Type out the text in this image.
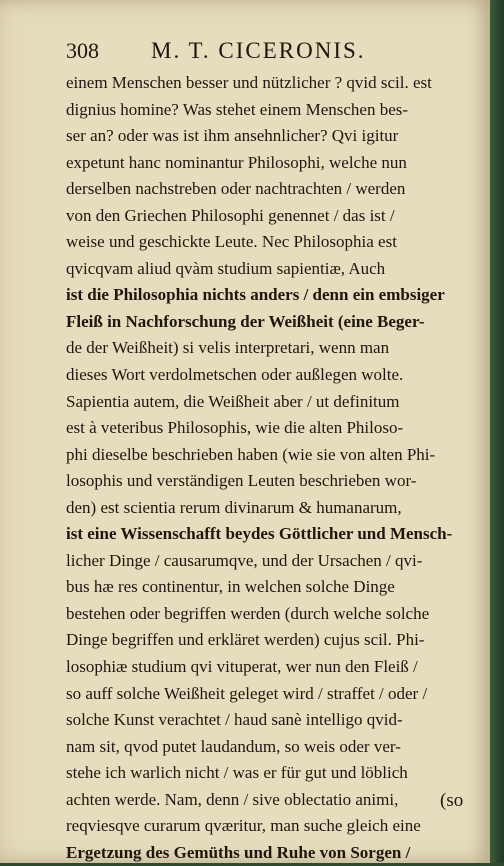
308 M. T. CICERONIS.
einem Menschen besser und nützlicher ? qvid scil. est
dignius homine? Was stehet einem Menschen bes-
ser an? oder was ist ihm ansehnlicher? Qvi igitur
expetunt hanc nominantur Philosophi, welche nun
derselben nachstreben oder nachtrachten / werden
von den Griechen Philosophi genennet / das ist /
weise und geschickte Leute. Nec Philosophia est
qvicqvam aliud qvàm studium sapientiæ, Auch
ist die Philosophia nichts anders / denn ein embsiger
Fleiß in Nachforschung der Weißheit (eine Beger-
de der Weißheit) si velis interpretari, wenn man
dieses Wort verdolmetschen oder außlegen wolte.
Sapientia autem, die Weißheit aber / ut definitum
est à veteribus Philosophis, wie die alten Philoso-
phi dieselbe beschrieben haben (wie sie von alten Phi-
losophis und verständigen Leuten beschrieben wor-
den) est scientia rerum divinarum & humanarum,
ist eine Wissenschafft beydes Göttlicher und Mensch-
licher Dinge / causarumqve, und der Ursachen / qvi-
bus hæ res continentur, in welchen solche Dinge
bestehen oder begriffen werden (durch welche solche
Dinge begriffen und erkläret werden) cujus scil. Phi-
losophiæ studium qvi vituperat, wer nun den Fleiß /
so auff solche Weißheit geleget wird / straffet / oder /
solche Kunst verachtet / haud sanè intelligo qvid-
nam sit, qvod putet laudandum, so weis oder ver-
stehe ich warlich nicht / was er für gut und löblich
achten werde. Nam, denn / sive oblectatio animi,
reqviesqve curarum qværitur, man suche gleich eine
Ergetzung des Gemüths und Ruhe von Sorgen /
(so
